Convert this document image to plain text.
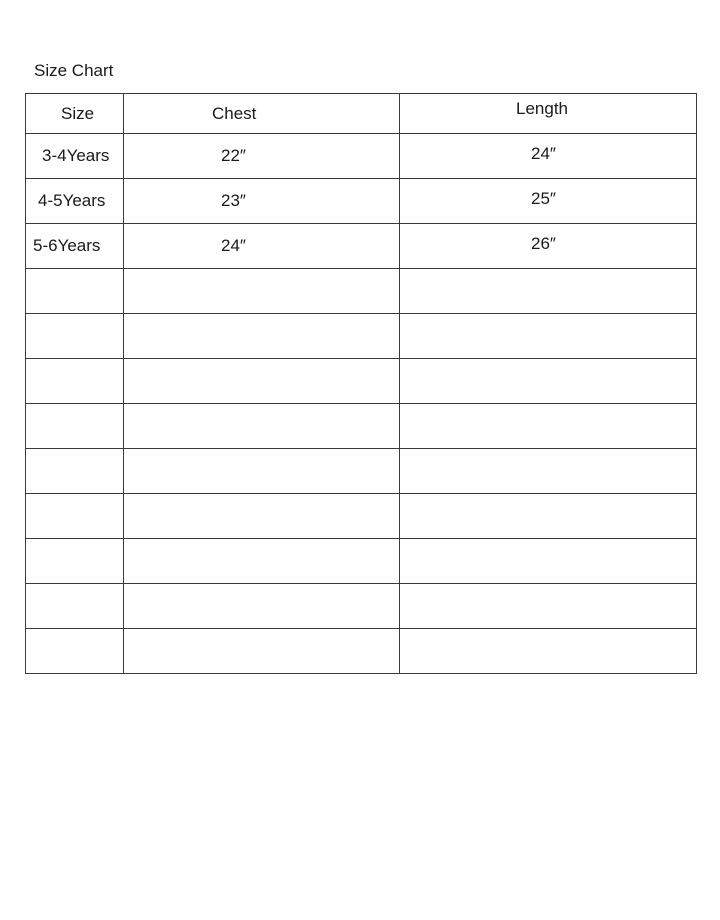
Size Chart
Size	Chest	Length
3-4Years	22″	24″
4-5Years	23″	25″
5-6Years	24″	26″
